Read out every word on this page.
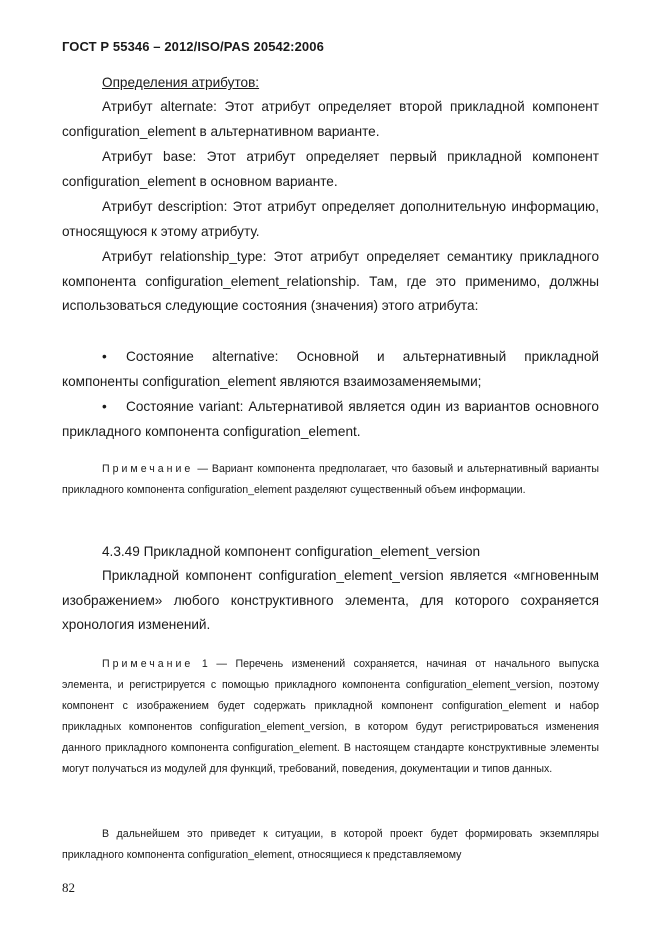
ГОСТ Р 55346 – 2012/ISO/PAS 20542:2006
Определения атрибутов:
Атрибут alternate: Этот атрибут определяет второй прикладной компонент configuration_element в альтернативном варианте.
Атрибут base: Этот атрибут определяет первый прикладной компонент configuration_element в основном варианте.
Атрибут description: Этот атрибут определяет дополнительную информацию, относящуюся к этому атрибуту.
Атрибут relationship_type: Этот атрибут определяет семантику прикладного компонента configuration_element_relationship. Там, где это применимо, должны использоваться следующие состояния (значения) этого атрибута:
• Состояние alternative: Основной и альтернативный прикладной компоненты configuration_element являются взаимозаменяемыми;
• Состояние variant: Альтернативой является один из вариантов основного прикладного компонента configuration_element.
Примечание — Вариант компонента предполагает, что базовый и альтернативный варианты прикладного компонента configuration_element разделяют существенный объем информации.
4.3.49 Прикладной компонент configuration_element_version
Прикладной компонент configuration_element_version является «мгновенным изображением» любого конструктивного элемента, для которого сохраняется хронология изменений.
Примечание 1 — Перечень изменений сохраняется, начиная от начального выпуска элемента, и регистрируется с помощью прикладного компонента configuration_element_version, поэтому компонент с изображением будет содержать прикладной компонент configuration_element и набор прикладных компонентов configuration_element_version, в котором будут регистрироваться изменения данного прикладного компонента configuration_element. В настоящем стандарте конструктивные элементы могут получаться из модулей для функций, требований, поведения, документации и типов данных.
В дальнейшем это приведет к ситуации, в которой проект будет формировать экземпляры прикладного компонента configuration_element, относящиеся к представляемому
82
